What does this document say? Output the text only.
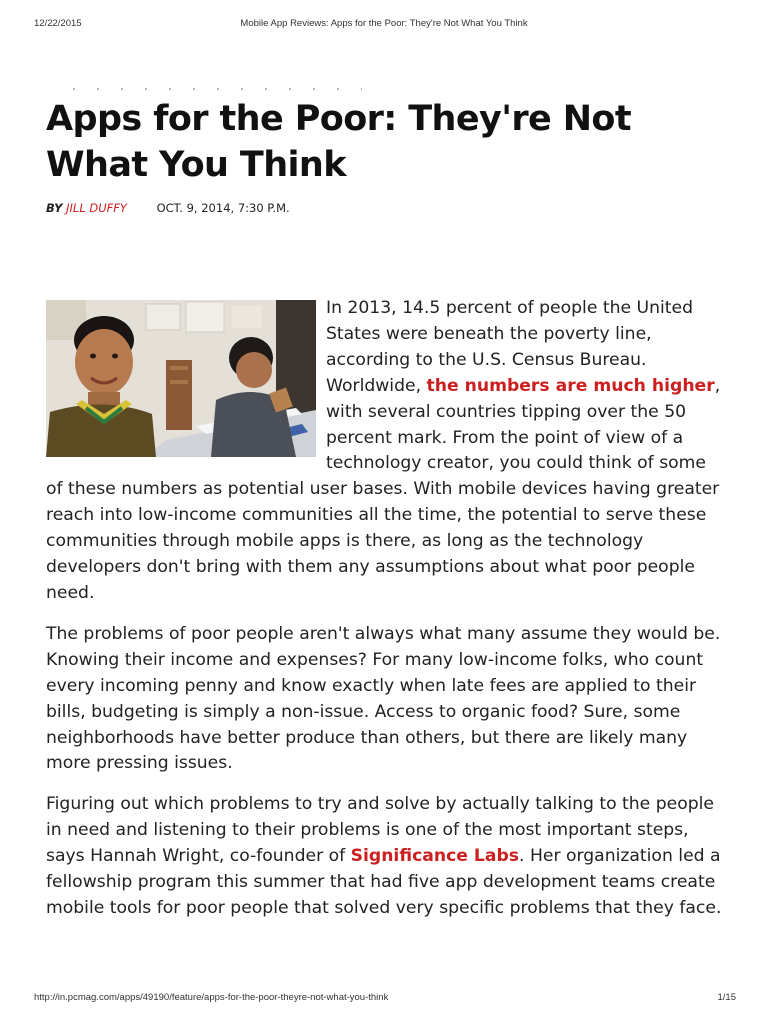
12/22/2015	Mobile App Reviews: Apps for the Poor: They're Not What You Think
Apps for the Poor: They're Not What You Think
BY JILL DUFFY	OCT. 9, 2014, 7:30 P.M.

In 2013, 14.5 percent of people the United States were beneath the poverty line, according to the U.S. Census Bureau. Worldwide, the numbers are much higher, with several countries tipping over the 50 percent mark. From the point of view of a technology creator, you could think of some of these numbers as potential user bases. With mobile devices having greater reach into low-income communities all the time, the potential to serve these communities through mobile apps is there, as long as the technology developers don't bring with them any assumptions about what poor people need.

The problems of poor people aren't always what many assume they would be. Knowing their income and expenses? For many low-income folks, who count every incoming penny and know exactly when late fees are applied to their bills, budgeting is simply a non-issue. Access to organic food? Sure, some neighborhoods have better produce than others, but there are likely many more pressing issues.

Figuring out which problems to try and solve by actually talking to the people in need and listening to their problems is one of the most important steps, says Hannah Wright, co-founder of Significance Labs. Her organization led a fellowship program this summer that had five app development teams create mobile tools for poor people that solved very specific problems that they face.

http://in.pcmag.com/apps/49190/feature/apps-for-the-poor-theyre-not-what-you-think	1/15
